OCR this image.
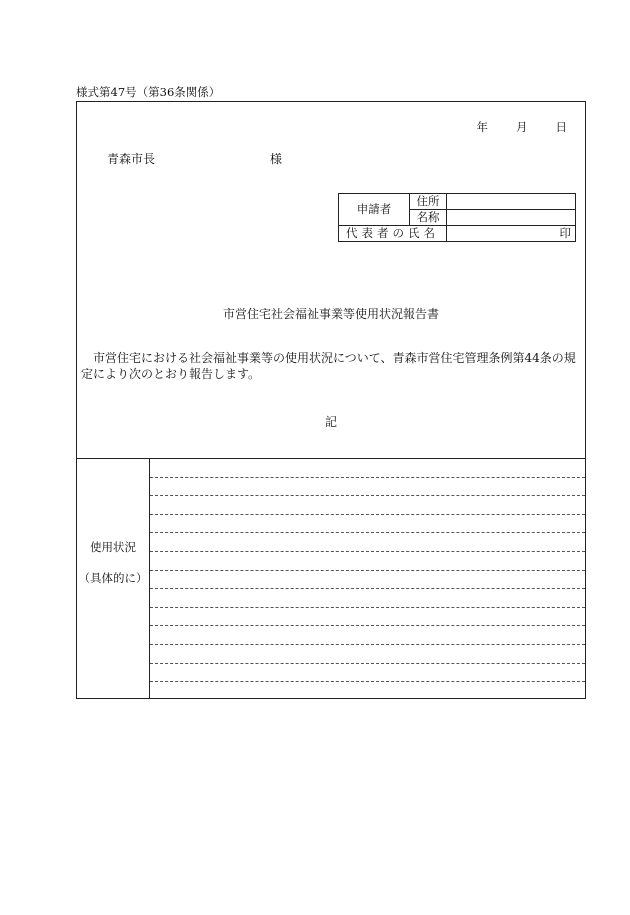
様式第47号（第36条関係）
年 月 日
青森市長	様
申請者	住所	
	名称	
代表者の氏名		印
市営住宅社会福祉事業等使用状況報告書
市営住宅における社会福祉事業等の使用状況について、青森市営住宅管理条例第44条の規定により次のとおり報告します。
記
使用状況
（具体的に）
